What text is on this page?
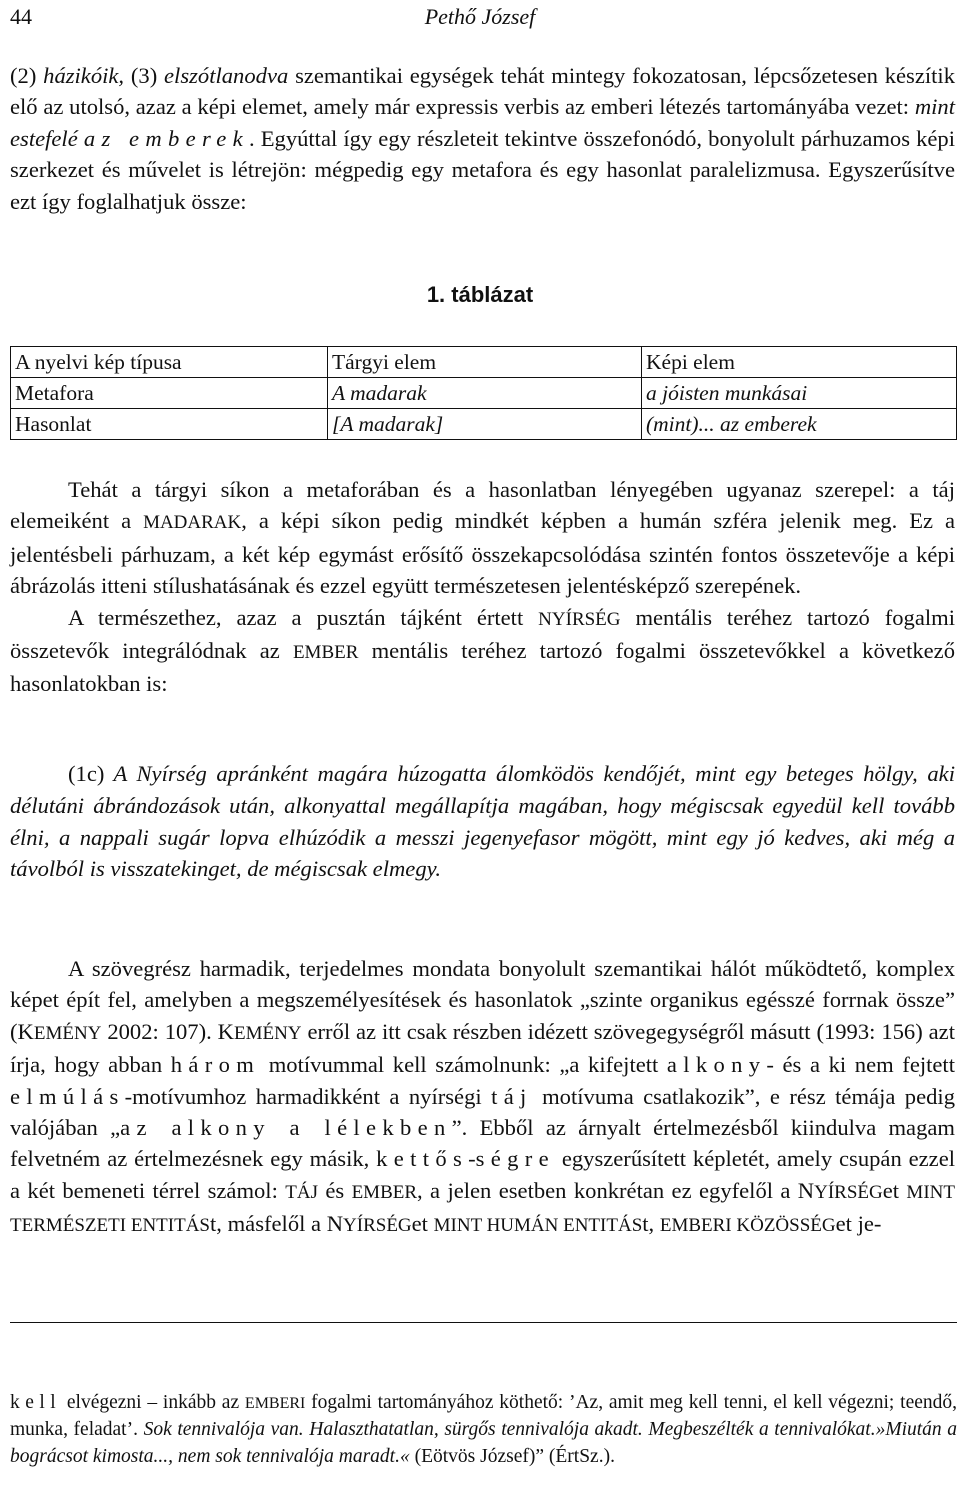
44	Pethő József

(2) házikóik, (3) elszótlanodva szemantikai egységek tehát mintegy fokozatosan, lépcsőzetesen készítik elő az utolsó, azaz a képi elemet, amely már expressis verbis az emberi létezés tartományába vezet: mint estefelé az emberek. Egyúttal így egy részleteit tekintve összefonódó, bonyolult párhuzamos képi szerkezet és művelet is létrejön: mégpedig egy metafora és egy hasonlat paralelizmusa. Egyszerűsítve ezt így foglalhatjuk össze:

1. táblázat
A nyelvi kép típusa	Tárgyi elem	Képi elem
Metafora	A madarak	a jóisten munkásai
Hasonlat	[A madarak]	(mint)... az emberek

Tehát a tárgyi síkon a metaforában és a hasonlatban lényegében ugyanaz szerepel: a táj elemeiként a MADARAK, a képi síkon pedig mindkét képben a humán szféra jelenik meg. Ez a jelentésbeli párhuzam, a két kép egymást erősítő összekapcsolódása szintén fontos összetevője a képi ábrázolás itteni stílushatásának és ezzel együtt természetesen jelentésképző szerepének.

A természethez, azaz a pusztán tájként értett NYÍRSÉG mentális teréhez tartozó fogalmi összetevők integrálódnak az EMBER mentális teréhez tartozó fogalmi összetevőkkel a következő hasonlatokban is:

(1c) A Nyírség apránként magára húzogatta álomködös kendőjét, mint egy beteges hölgy, aki délutáni ábrándozások után, alkonyattal megállapítja magában, hogy mégiscsak egyedül kell tovább élni, a nappali sugár lopva elhúzódik a messzi jegenyefasor mögött, mint egy jó kedves, aki még a távolból is visszatekinget, de mégiscsak elmegy.

A szövegrész harmadik, terjedelmes mondata bonyolult szemantikai hálót működtető, komplex képet épít fel, amelyben a megszemélyesítések és hasonlatok „szinte organikus egésszé forrnak össze” (KEMÉNY 2002: 107). KEMÉNY erről az itt csak részben idézett szövegegységről másutt (1993: 156) azt írja, hogy abban három motívummal kell számolnunk: „a kifejtett alkony- és a ki nem fejtett elmúlás-motívumhoz harmadikként a nyírségi táj motívuma csatlakozik”, e rész témája pedig valójában „az alkony a lélekben”. Ebből az árnyalt értelmezésből kiindulva magam felvetném az értelmezésnek egy másik, kettős-ségre egyszerűsített képletét, amely csupán ezzel a két bemeneti térrel számol: TÁJ és EMBER, a jelen esetben konkrétan ez egyfelől a NYÍRSÉGet MINT TERMÉSZETI ENTITÁSt, másfelől a NYÍRSÉGet MINT HUMÁN ENTITÁSt, EMBERI KÖZÖSSÉGet je-

kell elvégezni – inkább az EMBERI fogalmi tartományához köthető: ’Az, amit meg kell tenni, el kell végezni; teendő, munka, feladat’. Sok tennivalója van. Halaszthatatlan, sürgős tennivalója akadt. Megbeszélték a tennivalókat.»Miután a bográcsot kimosta..., nem sok tennivalója maradt.« (Eötvös József)” (ÉrtSz.).
